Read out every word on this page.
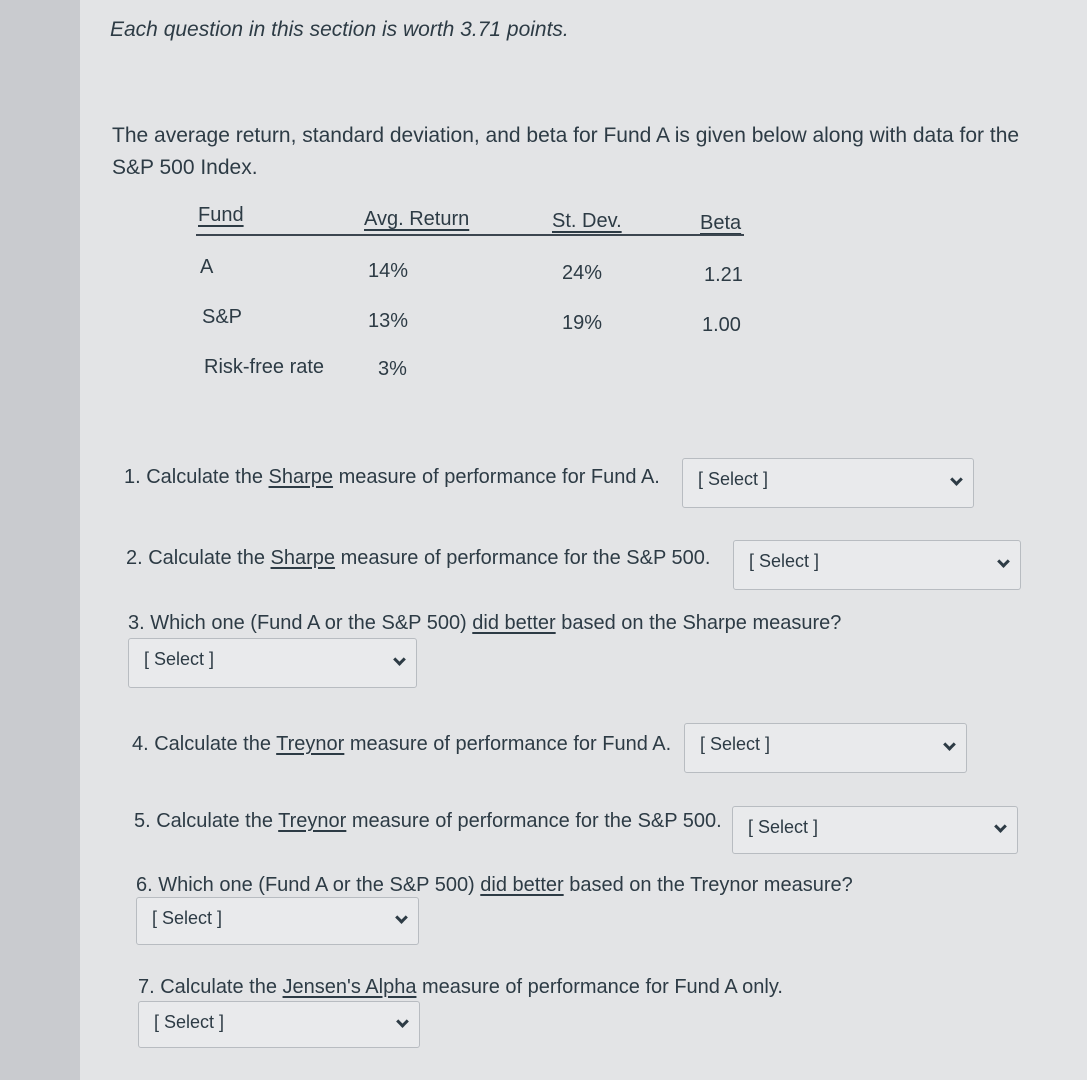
Each question in this section is worth 3.71 points.
The average return, standard deviation, and beta for Fund A is given below along with data for the S&P 500 Index.
Fund	Avg. Return	St. Dev.	Beta
A	14%	24%	1.21
S&P	13%	19%	1.00
Risk-free rate	3%
1. Calculate the Sharpe measure of performance for Fund A. [ Select ]
2. Calculate the Sharpe measure of performance for the S&P 500. [ Select ]
3. Which one (Fund A or the S&P 500) did better based on the Sharpe measure?
[ Select ]
4. Calculate the Treynor measure of performance for Fund A. [ Select ]
5. Calculate the Treynor measure of performance for the S&P 500. [ Select ]
6. Which one (Fund A or the S&P 500) did better based on the Treynor measure?
[ Select ]
7. Calculate the Jensen's Alpha measure of performance for Fund A only.
[ Select ]
